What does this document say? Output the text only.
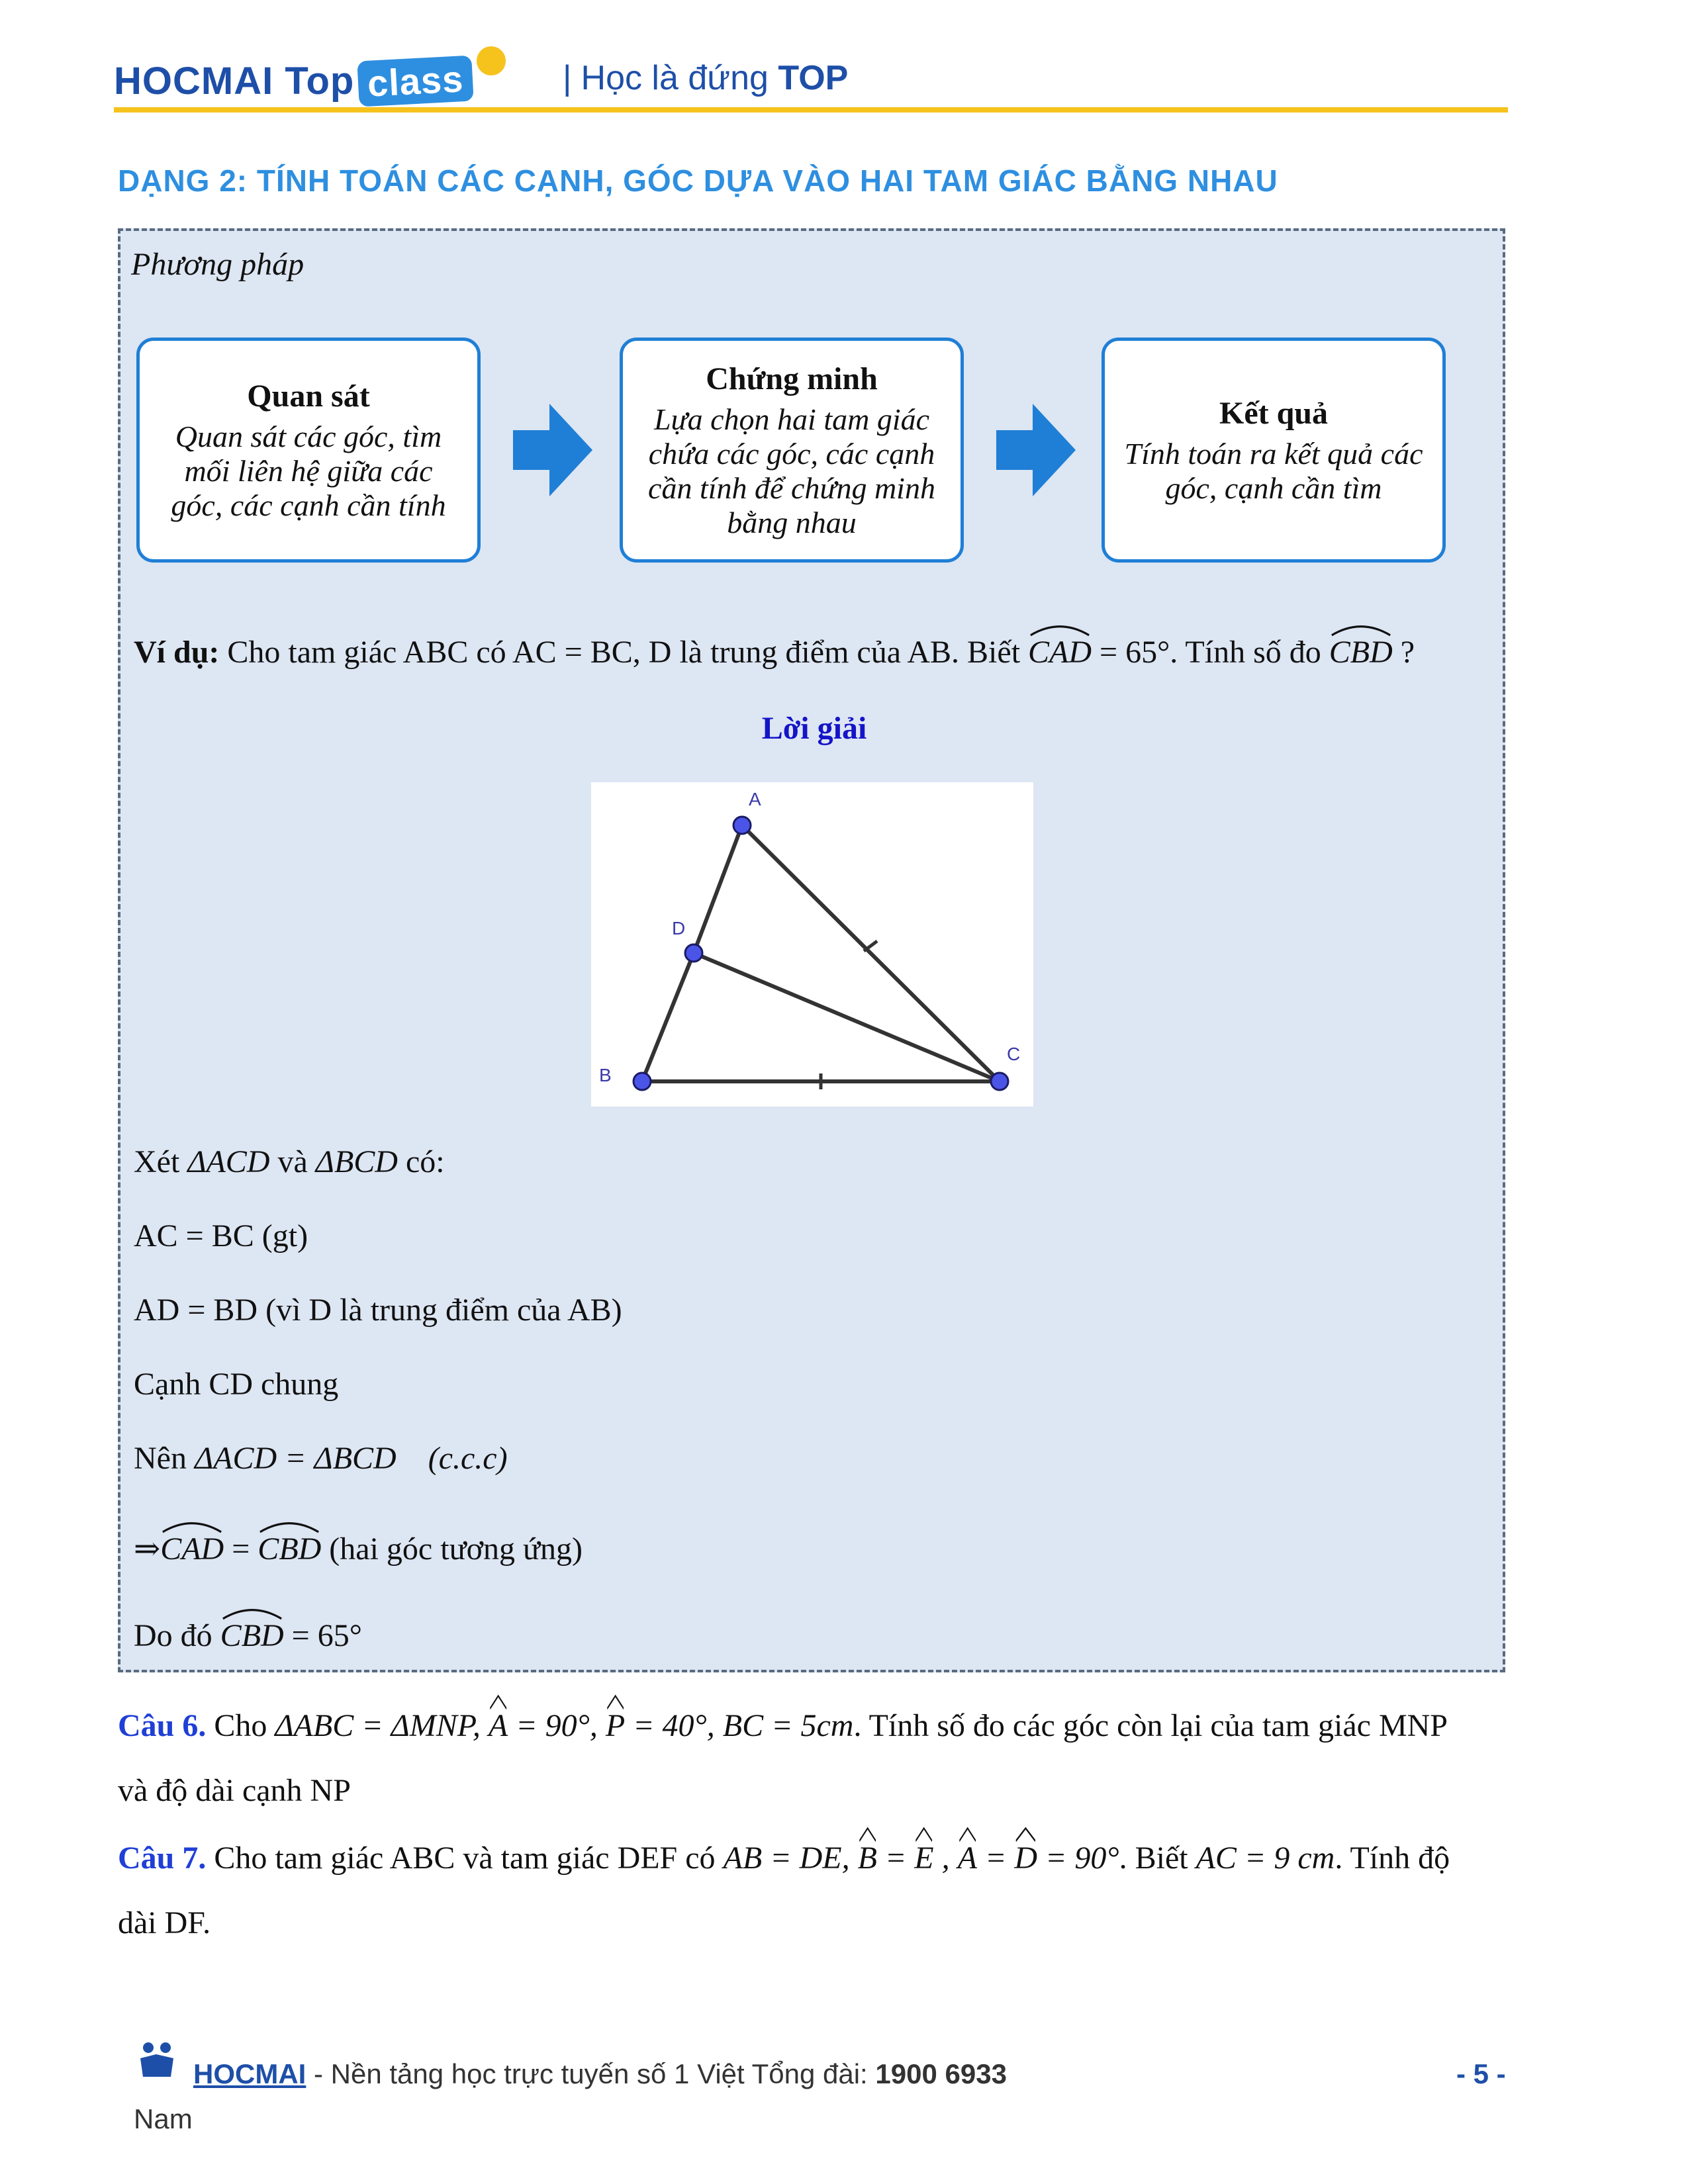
HOCMAI Top class	| Học là đứng TOP
DẠNG 2: TÍNH TOÁN CÁC CẠNH, GÓC DỰA VÀO HAI TAM GIÁC BẰNG NHAU
Phương pháp
Quan sát
Quan sát các góc, tìm mối liên hệ giữa các góc, các cạnh cần tính
Chứng minh
Lựa chọn hai tam giác chứa các góc, các cạnh cần tính để chứng minh bằng nhau
Kết quả
Tính toán ra kết quả các góc, cạnh cần tìm
Ví dụ: Cho tam giác ABC có AC = BC, D là trung điểm của AB. Biết
CAD = 65°. Tính số đo
CBD ?
Lời giải
A
D
B
C
Xét ΔACD và ΔBCD có:
AC = BC (gt)
AD = BD (vì D là trung điểm của AB)
Cạnh CD chung
Nên ΔACD = ΔBCD (c.c.c)
⇒
CAD =
CBD (hai góc tương ứng)
Do đó
CBD = 65°
Câu 6. Cho ΔABC = ΔMNP, A = 90°, P = 40°, BC = 5cm. Tính số đo các góc còn lại của tam giác MNP
và độ dài cạnh NP
Câu 7. Cho tam giác ABC và tam giác DEF có AB = DE, B =
E ,
A =
D = 90°. Biết AC = 9 cm. Tính độ
dài DF.
HOCMAI - Nền tảng học trực tuyến số 1 Việt Tổng đài: 1900 6933	- 5 -
Nam
